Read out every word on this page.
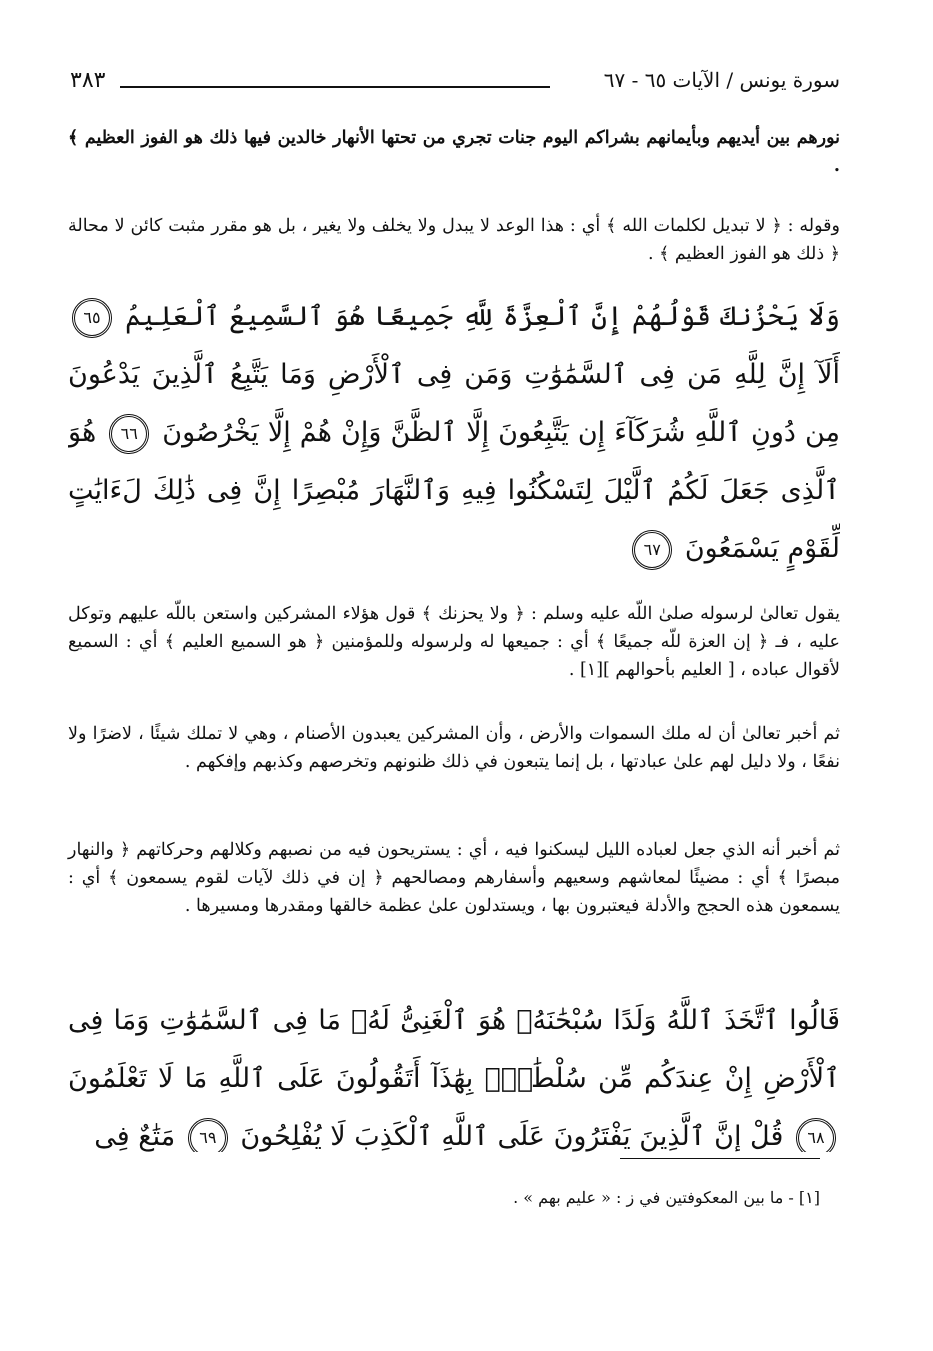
سورة يونس / الآيات ٦٥ - ٦٧
٣٨٣
نورهم بين أيديهم وبأيمانهم بشراكم اليوم جنات تجري من تحتها الأنهار خالدين فيها ذلك هو الفوز العظيم ﴾ .
وقوله : ﴿ لا تبديل لكلمات الله ﴾ أي : هذا الوعد لا يبدل ولا يخلف ولا يغير ، بل هو مقرر مثبت كائن لا محالة ﴿ ذلك هو الفوز العظيم ﴾ .
وَلَا يَحْزُنكَ قَوْلُهُمْ إِنَّ ٱلْعِزَّةَ لِلَّهِ جَمِيعًا هُوَ ٱلسَّمِيعُ ٱلْعَلِيمُ ٦٥ أَلَآ إِنَّ لِلَّهِ مَن فِى ٱلسَّمَٰوَٰتِ وَمَن فِى ٱلْأَرْضِ وَمَا يَتَّبِعُ ٱلَّذِينَ يَدْعُونَ مِن دُونِ ٱللَّهِ شُرَكَآءَ إِن يَتَّبِعُونَ إِلَّا ٱلظَّنَّ وَإِنْ هُمْ إِلَّا يَخْرُصُونَ ٦٦ هُوَ ٱلَّذِى جَعَلَ لَكُمُ ٱلَّيْلَ لِتَسْكُنُوا فِيهِ وَٱلنَّهَارَ مُبْصِرًا إِنَّ فِى ذَٰلِكَ لَءَايَٰتٍ لِّقَوْمٍ يَسْمَعُونَ ٦٧
يقول تعالىٰ لرسوله صلىٰ اللّه عليه وسلم : ﴿ ولا يحزنك ﴾ قول هؤلاء المشركين واستعن باللّه عليهم وتوكل عليه ، فـ ﴿ إن العزة للّه جميعًا ﴾ أي : جميعها له ولرسوله وللمؤمنين ﴿ هو السميع العليم ﴾ أي : السميع لأقوال عباده ، [ العليم بأحوالهم ][١] .
ثم أخبر تعالىٰ أن له ملك السموات والأرض ، وأن المشركين يعبدون الأصنام ، وهي لا تملك شيئًا ، لاضرًا ولا نفعًا ، ولا دليل لهم علىٰ عبادتها ، بل إنما يتبعون في ذلك ظنونهم وتخرصهم وكذبهم وإفكهم .
ثم أخبر أنه الذي جعل لعباده الليل ليسكنوا فيه ، أي : يستريحون فيه من نصبهم وكلالهم وحركاتهم ﴿ والنهار مبصرًا ﴾ أي : مضيئًا لمعاشهم وسعيهم وأسفارهم ومصالحهم ﴿ إن في ذلك لآيات لقوم يسمعون ﴾ أي : يسمعون هذه الحجج والأدلة فيعتبرون بها ، ويستدلون علىٰ عظمة خالقها ومقدرها ومسيرها .
قَالُوا ٱتَّخَذَ ٱللَّهُ وَلَدًا سُبْحَٰنَهُۥ هُوَ ٱلْغَنِىُّ لَهُۥ مَا فِى ٱلسَّمَٰوَٰتِ وَمَا فِى ٱلْأَرْضِ إِنْ عِندَكُم مِّن سُلْطَٰنٍۭ بِهَٰذَآ أَتَقُولُونَ عَلَى ٱللَّهِ مَا لَا تَعْلَمُونَ ٦٨ قُلْ إِنَّ ٱلَّذِينَ يَفْتَرُونَ عَلَى ٱللَّهِ ٱلْكَذِبَ لَا يُفْلِحُونَ ٦٩ مَتَٰعٌ فِى
[١] - ما بين المعكوفتين في ز : « عليم بهم » .
